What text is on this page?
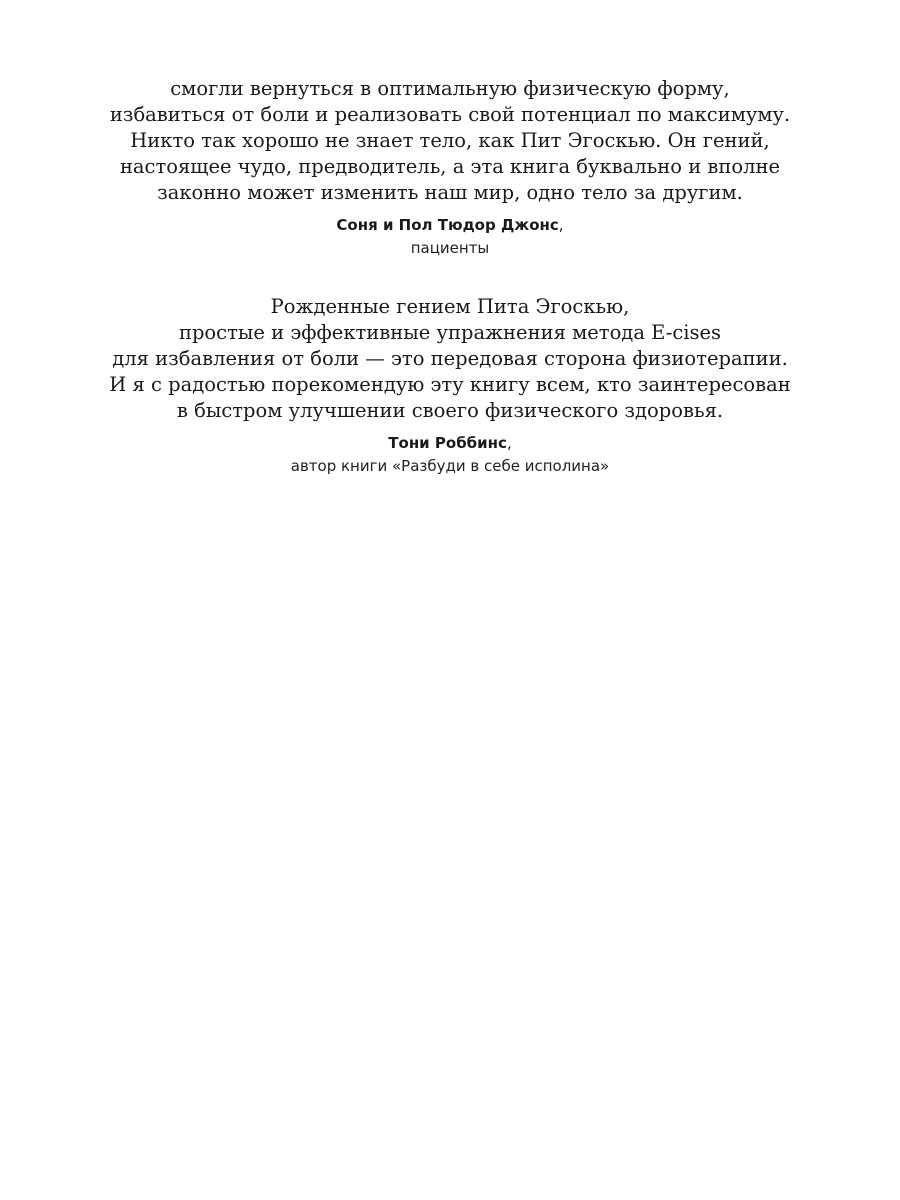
смогли вернуться в оптимальную физическую форму,
избавиться от боли и реализовать свой потенциал по максимуму.
Никто так хорошо не знает тело, как Пит Эгоскью. Он гений,
настоящее чудо, предводитель, а эта книга буквально и вполне
законно может изменить наш мир, одно тело за другим.

Соня и Пол Тюдор Джонс,
пациенты

Рожденные гением Пита Эгоскью,
простые и эффективные упражнения метода E-cises
для избавления от боли — это передовая сторона физиотерапии.
И я с радостью порекомендую эту книгу всем, кто заинтересован
в быстром улучшении своего физического здоровья.

Тони Роббинс,
автор книги «Разбуди в себе исполина»
